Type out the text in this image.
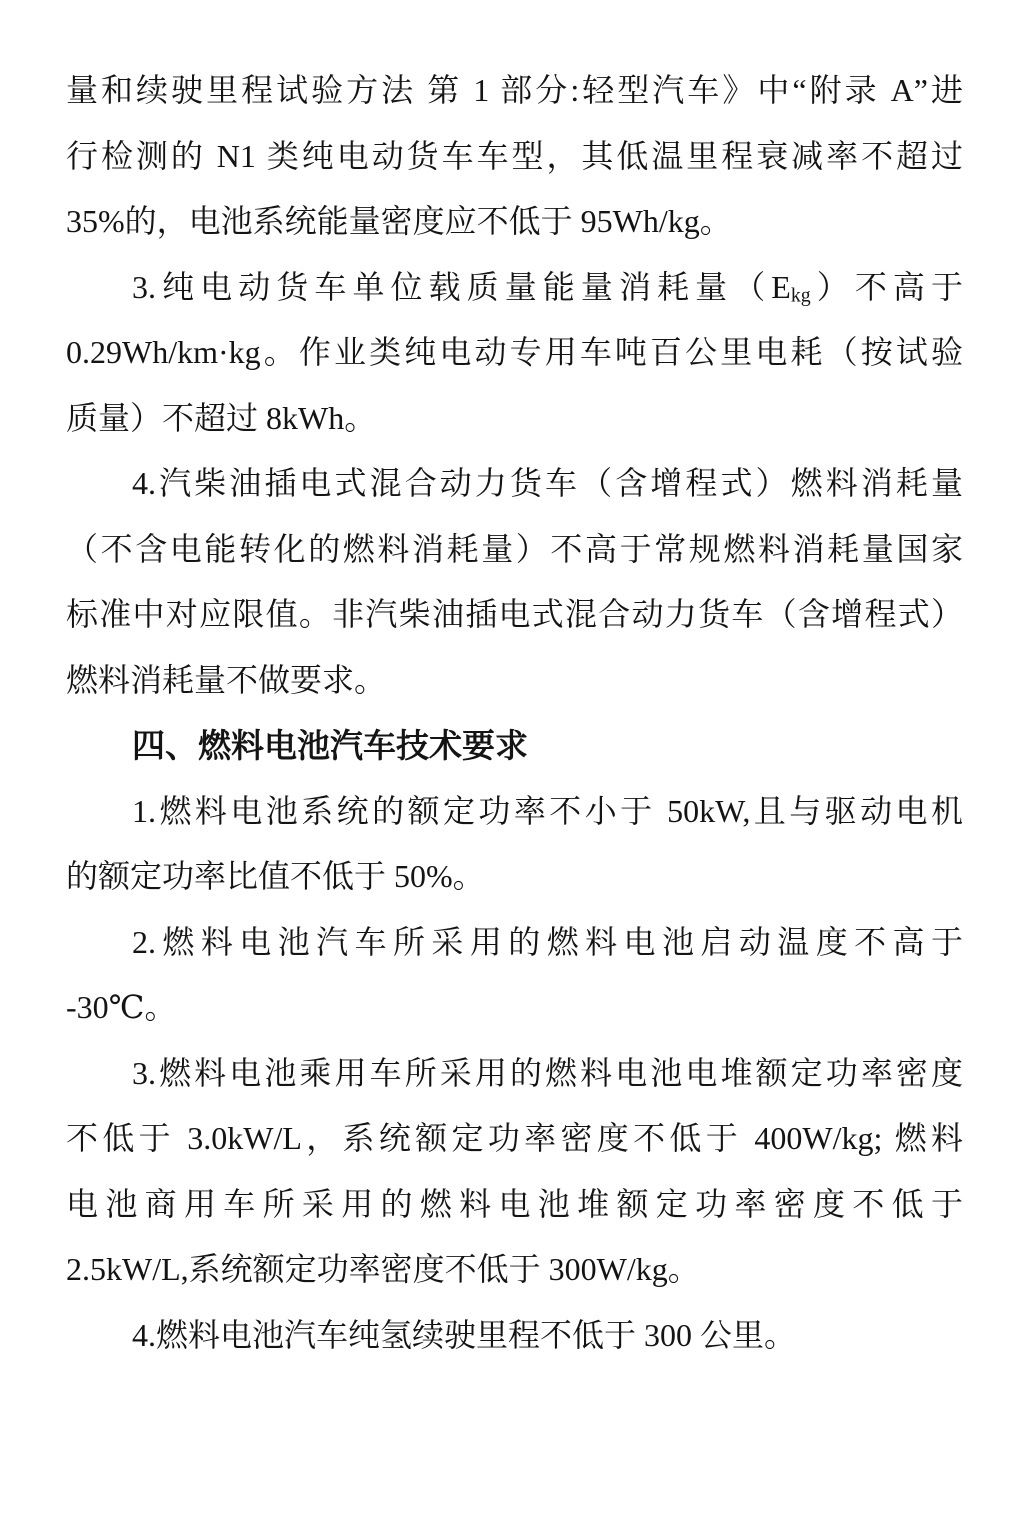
量和续驶里程试验方法 第 1 部分:轻型汽车》中“附录 A”进
行检测的 N1 类纯电动货车车型，其低温里程衰减率不超过
35%的，电池系统能量密度应不低于 95Wh/kg。
3.纯电动货车单位载质量能量消耗量$(E_{kg})$不高于
0.29Wh/km·kg。作业类纯电动专用车吨百公里电耗（按试验
质量）不超过 8kWh。
4.汽柴油插电式混合动力货车（含增程式）燃料消耗量
（不含电能转化的燃料消耗量）不高于常规燃料消耗量国家
标准中对应限值。非汽柴油插电式混合动力货车（含增程式）
燃料消耗量不做要求。
四、燃料电池汽车技术要求
1.燃料电池系统的额定功率不小于 50kW,且与驱动电机
的额定功率比值不低于 50%。
2.燃料电池汽车所采用的燃料电池启动温度不高于
-30℃。
3.燃料电池乘用车所采用的燃料电池电堆额定功率密度
不低于 3.0kW/L，系统额定功率密度不低于 400W/kg; 燃料
电池商用车所采用的燃料电池堆额定功率密度不低于
2.5kW/L,系统额定功率密度不低于 300W/kg。
4.燃料电池汽车纯氢续驶里程不低于 300 公里。
